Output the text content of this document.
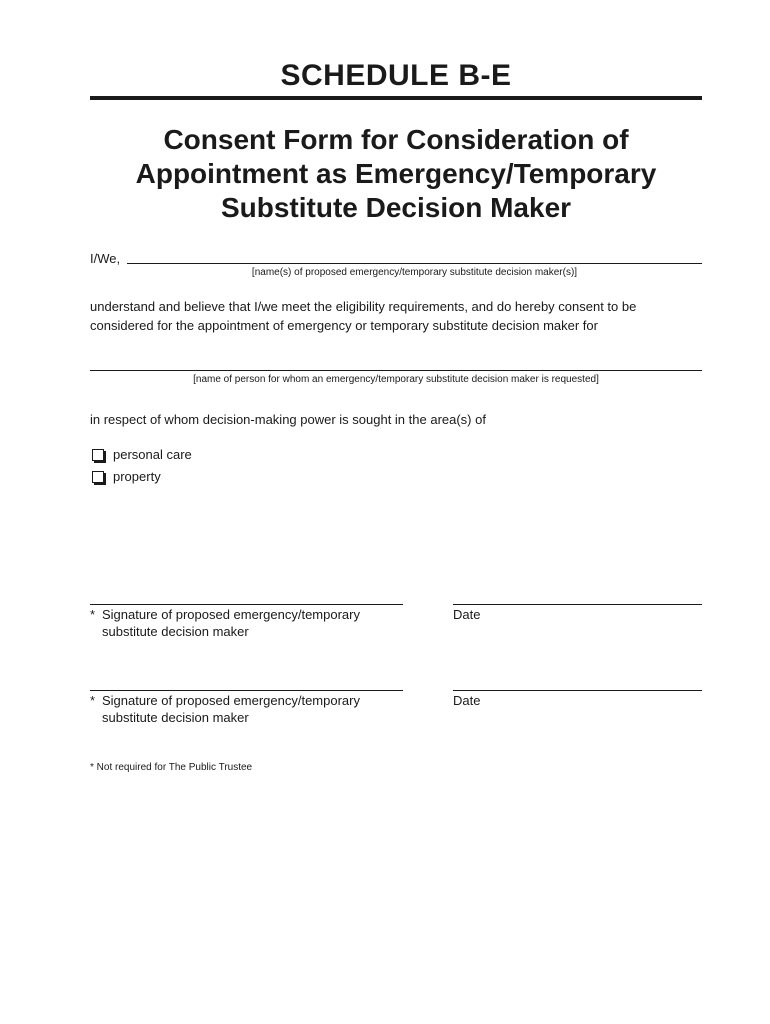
SCHEDULE B-E
Consent Form for Consideration of
Appointment as Emergency/Temporary
Substitute Decision Maker
I/We,
[name(s) of proposed emergency/temporary substitute decision maker(s)]
understand and believe that I/we meet the eligibility requirements, and do hereby consent to be
considered for the appointment of emergency or temporary substitute decision maker for
[name of person for whom an emergency/temporary substitute decision maker is requested]
in respect of whom decision-making power is sought in the area(s) of
personal care
property
* Signature of proposed emergency/temporary
substitute decision maker
Date
* Signature of proposed emergency/temporary
substitute decision maker
Date
* Not required for The Public Trustee
